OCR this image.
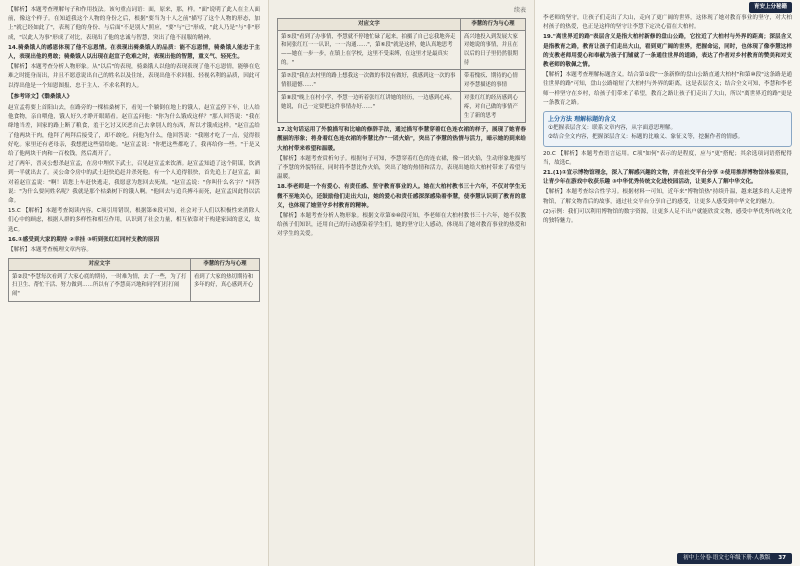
【解析】本题考查理解句子和作用技法。该句重点词语：面，原来，那，样。"面"说明了此人在主人面前，像这个样子。在知道我这个人物的身份之后，根据"要当为十人之前"描写了这个人物的形态，加上"就已经如此了"，表现了他的身份、与后面"不是别人"照应，"要"与"已"形成，"此人乃是"与"非"形成，"以此人为事"形成了对比，表现出了他的忠诚与智慧，突出了他不屈服的精神。

14.骑桑饿人的感恩体现了他不忘恩情。在表现出骑桑饿人的品质：能不忘恩情，骑桑饿人能忠于主人，表现出他的勇敢；骑桑饿人以出现在赵宣子危难之时，表现出他的智慧，重义气、轻死生。

【解析】本题考查分析人物形象。从"以后"的表现，骑桑饿人以他的表现表现了他不忘恩情，能够在危难之时挺身而出，并且不愿意说出自己的姓名以及住址，表现出他不求回报、轻视名利的品质，因此可以得出他是一个知恩图报、忠于主人、不求名利的人。

【参考译文】《翳桑饿人》

赵宣孟将要上首阳山去，在路旁的一棵枯桑树下，看见一个躺倒在地上的饿人，赵宣孟停下车，让人给他食物，亲自喂他，饿人好久才睁开眼睛看。赵宣孟问他："你为什么饿成这样？"那人回答说："我在绛地当差，回家的路上断了粮食，羞于乞讨又厌恶自己去拿别人的东西，所以才饿成这样。"赵宣孟给了他两块干肉，他拜了两拜后接受了，却不敢吃。问他为什么，他回答说："我刚才吃了一点，觉得很好吃。家里还有老母亲，我想把这些留给她。"赵宣孟说："你把这些都吃了，我再给你一些。"于是又给了他两块干肉和一百枚钱，然后离开了。

过了两年，晋灵公想杀赵宣孟，在房中埋伏下武士，召见赵宣孟来饮酒。赵宣孟知道了这个阴谋，饮酒到一半就出去了。灵公命令房中的武士赶快追赶并杀死他。有一个人追得很快，首先追上了赵宣孟，面对着赵宣孟说："啊！请您上车赶快逃走，我愿意为您回去死战。"赵宣孟说："你叫什么名字？"回答说："为什么要问姓名呢？我就是那个枯桑树下的饿人啊。"他回去与追兵搏斗而死，赵宣孟因此得以活命。

15.C 【解析】本题考查阅读内容。C项引用错误，根据第⑥段可知，社会对于人们以积极性来消除人们心中的顾虑，根据人群的多样性和相互作用，认识到了社会力量，相互依靠对于构建家园的意义，故选C。

16.①感受到大家的期待 ②幸挂 ③听到张红红同村支教的原因

【解析】本题考查梳理文章内容。

对应文字	李慧的行为与心理
第②段"李慧每次看到了大家心底的期待，一时难为情，去了一些，为了打扫卫生、帮忙干活、努力做到……所以有了李慧高兴地和同学们打打闹闹"	看到了大家的热切期待和多年的好，真心感到开心
续表
对应文字	李慧的行为与心理
第⑤段"看到了办事情，李慧就不停地忙碌了起来，拍摄了自己忘我地奔走和同张红红一一认识，一一沟通……"，第⑥段"就是这样，她认真地思考——她在一步一步，在镇上在学校，这里不受束缚，在这里才是最真实的。"	高兴地投入到发展大家对她说的事情，并且在以后的日子里仍然很期待
第⑦段"我在去村里的路上想我这一次做的事没有做好，我感到这一次的事情很遗憾……"	带着愧疚、期待的心情对李慧描述的事情
第⑧段"晚上在村小学，李慧一边听着张红红讲她的经历，一边感到心疼，她说，自己一定要把这件事情办好……"	对张红红的经历感到心疼，对自己做的事情产生了新的思考

17.这句话运用了外貌描写和比喻的修辞手法，通过描写李慧穿着红色连衣裙的样子，展现了她青春靓丽的形象；将身着红色连衣裙的李慧比作"一团火焰"，突出了李慧的热情与活力，暗示她的到来给大柏村带来希望和温暖。

【解析】本题考查赏析句子。根据句子可知，李慧穿着红色的连衣裙，像一团火焰，生动形象地描写了李慧的外貌特征，同时将李慧比作火焰，突出了她的热情和活力，表现出她给大柏村带来了希望与温暖。

18.李老师是一个有爱心、有责任感、坚守教育事业的人。她在大柏村教书三十六年，不仅对学生无微不至地关心，还鼓励他们走出大山，她的爱心和责任感深深感染着李慧，使李慧认识到了教育的意义，也体现了她坚守乡村教育的精神。

【解析】本题考查分析人物形象。根据文章第⑨⑩段可知，李老师在大柏村教书三十六年，她不仅教给孩子们知识，还用自己的行动感染着学生们，她的坚守让人感动，体现出了她对教育事业的热爱和对学生的关爱。

育安上分秘籍

李老师的坚守，让孩子们走出了大山，走向了更广阔的世界，这体现了她对教育事业的坚守，对大柏村孩子的热爱，也正是这样的坚守让李慧下定决心留在大柏村。

19."离世界近的路"表层含义是指大柏村新修的盘山公路，它拉近了大柏村与外界的距离；深层含义是指教育之路，教育让孩子们走出大山，看到更广阔的世界，把握命运，同时，也体现了像李慧这样的支教老师用爱心和奉献为孩子们铺就了一条通往世界的道路，表达了作者对乡村教育的赞美和对支教老师的敬佩之情。

【解析】本题考查理解标题含义。结合第①段"一条新修的盘山公路直通大柏村"和第⑩段"这条路是通往世界的路"可知，盘山公路缩短了大柏村与外界的距离，这是表层含义；结合全文可知，李慧和李老师一样坚守在乡村，给孩子们带来了希望，教育之路让孩子们走出了大山，所以"离世界近的路"更是一条教育之路。

上分方法 理解标题的含义
①把握表层含义：联系文章内容，从字面意思理解。
②结合全文内容，把握深层含义：标题的比喻义、象征义等，挖掘作者的情感。

20.C 【解析】本题考查语言运用。C项"如何"表示的是程度，应与"更"搭配；其余选项词语搭配得当，故选C。

21.(1)①宣示博物馆理念，深入了解感兴趣的文物，并在社交平台分享 ②使用推荐博物馆体验项目，让青少年在游戏中收获乐趣 ③中华优秀传统文化进校园活动，让更多人了解中华文化。

【解析】本题考查综合性学习。根据材料一可知，近年来"博物馆热"持续升温，越来越多的人走进博物馆，了解文物背后的故事，通过社交平台分享自己的感受，让更多人感受到中华文化的魅力。

(2)示例：我们可以利用博物馆的数字资源，让更多人足不出户就能欣赏文物，感受中华优秀传统文化的独特魅力。

初中上分卷·语文七年级下册·人教版 37
